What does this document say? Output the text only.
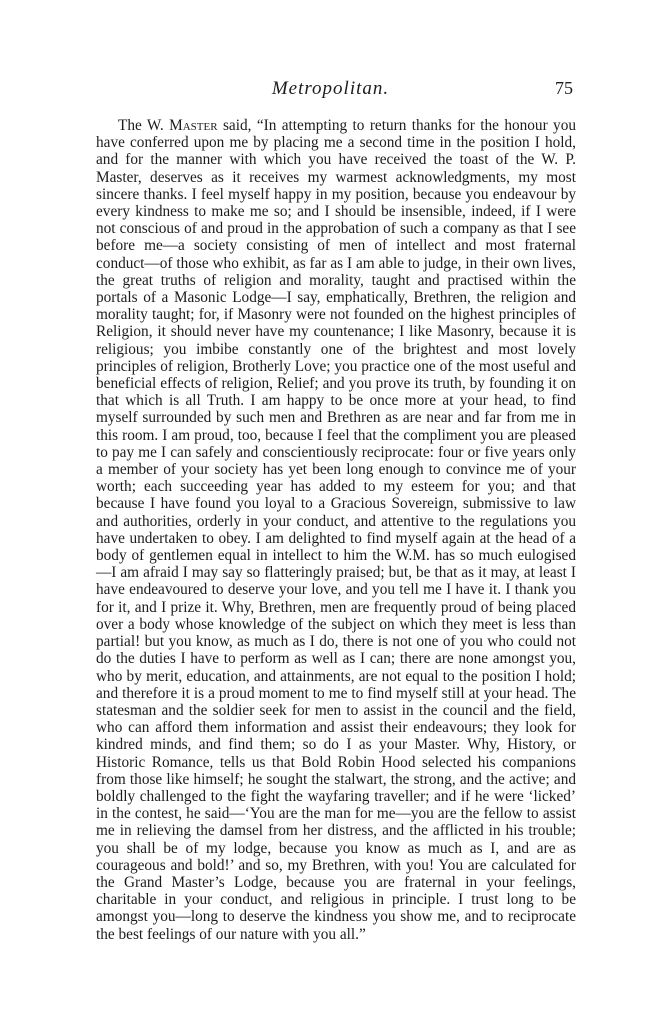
Metropolitan.	75

The W. Master said, “In attempting to return thanks for the honour you have conferred upon me by placing me a second time in the position I hold, and for the manner with which you have received the toast of the W. P. Master, deserves as it receives my warmest acknowledgments, my most sincere thanks. I feel myself happy in my position, because you endeavour by every kindness to make me so; and I should be insensible, indeed, if I were not conscious of and proud in the approbation of such a company as that I see before me—a society consisting of men of intellect and most fraternal conduct—of those who exhibit, as far as I am able to judge, in their own lives, the great truths of religion and morality, taught and practised within the portals of a Masonic Lodge—I say, emphatically, Brethren, the religion and morality taught; for, if Masonry were not founded on the highest principles of Religion, it should never have my countenance; I like Masonry, because it is religious; you imbibe constantly one of the brightest and most lovely principles of religion, Brotherly Love; you practice one of the most useful and beneficial effects of religion, Relief; and you prove its truth, by founding it on that which is all Truth. I am happy to be once more at your head, to find myself surrounded by such men and Brethren as are near and far from me in this room. I am proud, too, because I feel that the compliment you are pleased to pay me I can safely and conscientiously reciprocate: four or five years only a member of your society has yet been long enough to convince me of your worth; each succeeding year has added to my esteem for you; and that because I have found you loyal to a Gracious Sovereign, submissive to law and authorities, orderly in your conduct, and attentive to the regulations you have undertaken to obey. I am delighted to find myself again at the head of a body of gentlemen equal in intellect to him the W.M. has so much eulogised—I am afraid I may say so flatteringly praised; but, be that as it may, at least I have endeavoured to deserve your love, and you tell me I have it. I thank you for it, and I prize it. Why, Brethren, men are frequently proud of being placed over a body whose knowledge of the subject on which they meet is less than partial! but you know, as much as I do, there is not one of you who could not do the duties I have to perform as well as I can; there are none amongst you, who by merit, education, and attainments, are not equal to the position I hold; and therefore it is a proud moment to me to find myself still at your head. The statesman and the soldier seek for men to assist in the council and the field, who can afford them information and assist their endeavours; they look for kindred minds, and find them; so do I as your Master. Why, History, or Historic Romance, tells us that Bold Robin Hood selected his companions from those like himself; he sought the stalwart, the strong, and the active; and boldly challenged to the fight the wayfaring traveller; and if he were ‘licked’ in the contest, he said—‘You are the man for me—you are the fellow to assist me in relieving the damsel from her distress, and the afflicted in his trouble; you shall be of my lodge, because you know as much as I, and are as courageous and bold!’ and so, my Brethren, with you! You are calculated for the Grand Master’s Lodge, because you are fraternal in your feelings, charitable in your conduct, and religious in principle. I trust long to be amongst you—long to deserve the kindness you show me, and to reciprocate the best feelings of our nature with you all.”
